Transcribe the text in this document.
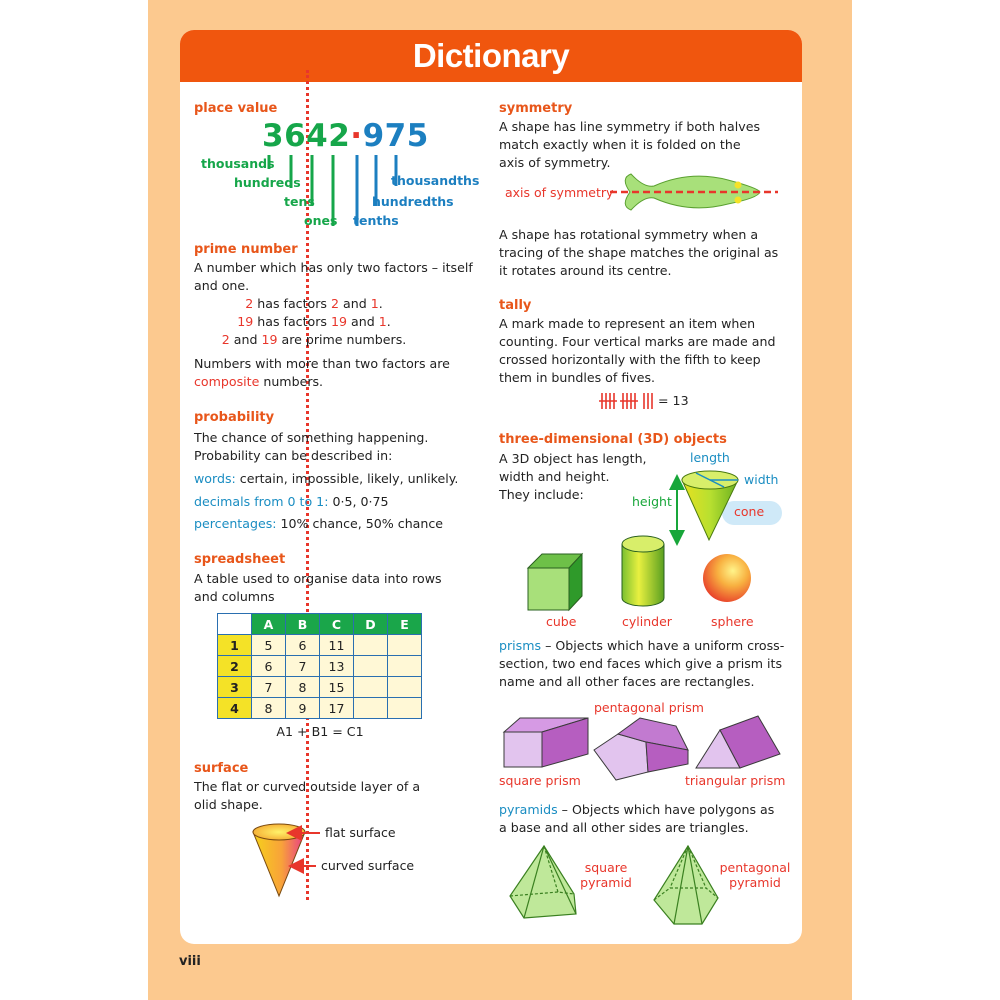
Dictionary
viii
place value
3642·975
thousands
hundreds
tens
ones tenths
hundredths
thousandths
prime number
A number which has only two factors – itself
and one.
2 has factors 2 and 1.
19 has factors 19 and 1.
2 and 19 are prime numbers.
Numbers with more than two factors are
composite numbers.
probability
The chance of something happening.
Probability can be described in:
words: certain, impossible, likely, unlikely.
decimals from 0 to 1: 0·5, 0·75
percentages: 10% chance, 50% chance
spreadsheet
A table used to organise data into rows
and columns
	A	B	C	D	E
1	5	6	11		
2	6	7	13		
3	7	8	15		
4	8	9	17		
A1 + B1 = C1
surface
The flat or curved outside layer of a
olid shape.
flat surface
curved surface
symmetry
A shape has line symmetry if both halves
match exactly when it is folded on the
axis of symmetry.
axis of symmetry
A shape has rotational symmetry when a
tracing of the shape matches the original as
it rotates around its centre.
tally
A mark made to represent an item when
counting. Four vertical marks are made and
crossed horizontally with the fifth to keep
them in bundles of fives.
= 13
three-dimensional (3D) objects
A 3D object has length,
width and height.
They include:
length
width
height
cone
cube	cylinder	sphere
prisms – Objects which have a uniform cross-
section, two end faces which give a prism its
name and all other faces are rectangles.
pentagonal prism
square prism	triangular prism
pyramids – Objects which have polygons as
a base and all other sides are triangles.
square
pyramid
pentagonal
pyramid
